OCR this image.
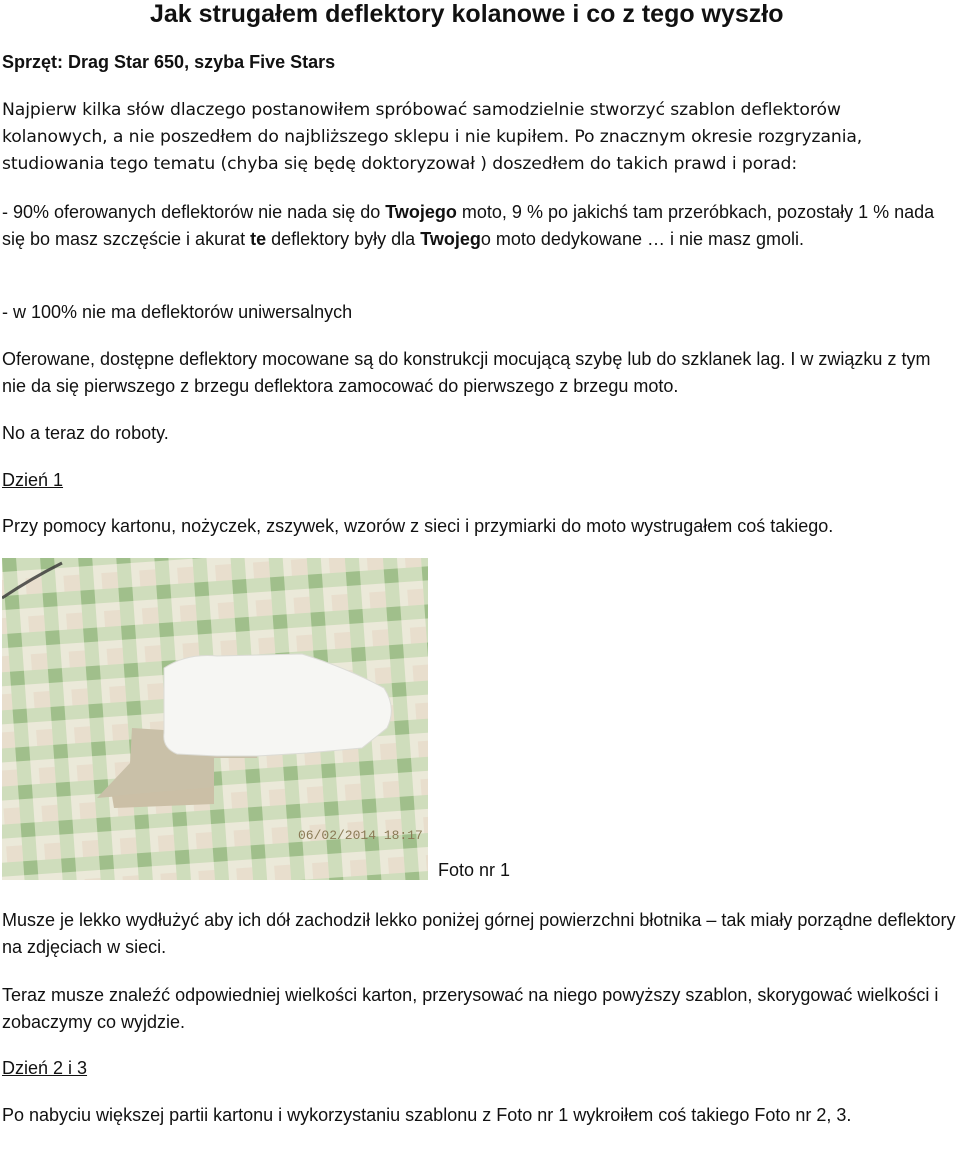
Jak strugałem deflektory kolanowe i co z tego wyszło
Sprzęt: Drag Star 650, szyba Five Stars
Najpierw kilka słów dlaczego postanowiłem spróbować samodzielnie stworzyć szablon deflektorów
kolanowych, a nie poszedłem do najbliższego sklepu i nie kupiłem. Po znacznym okresie rozgryzania,
studiowania tego tematu (chyba się będę doktoryzował ) doszedłem do takich prawd i porad:
- 90% oferowanych deflektorów nie nada się do Twojego moto, 9 % po jakichś tam przeróbkach, pozostały 1 % nada się bo masz szczęście i akurat te deflektory były dla Twojego moto dedykowane … i nie masz gmoli.
- w 100% nie ma deflektorów uniwersalnych
Oferowane, dostępne deflektory mocowane są do konstrukcji mocującą szybę lub do szklanek lag. I w związku z tym nie da się pierwszego z brzegu deflektora zamocować do pierwszego z brzegu moto.
No a teraz do roboty.
Dzień 1
Przy pomocy kartonu, nożyczek, zszywek, wzorów z sieci i przymiarki do moto wystrugałem coś takiego.
06/02/2014 18:17
Foto nr 1
Musze je lekko wydłużyć aby ich dół zachodził lekko poniżej górnej powierzchni błotnika – tak miały porządne deflektory na zdjęciach w sieci.
Teraz musze znaleźć odpowiedniej wielkości karton, przerysować na niego powyższy szablon, skorygować wielkości i zobaczymy co wyjdzie.
Dzień 2 i 3
Po nabyciu większej partii kartonu i wykorzystaniu szablonu z Foto nr 1 wykroiłem coś takiego Foto nr 2, 3.
